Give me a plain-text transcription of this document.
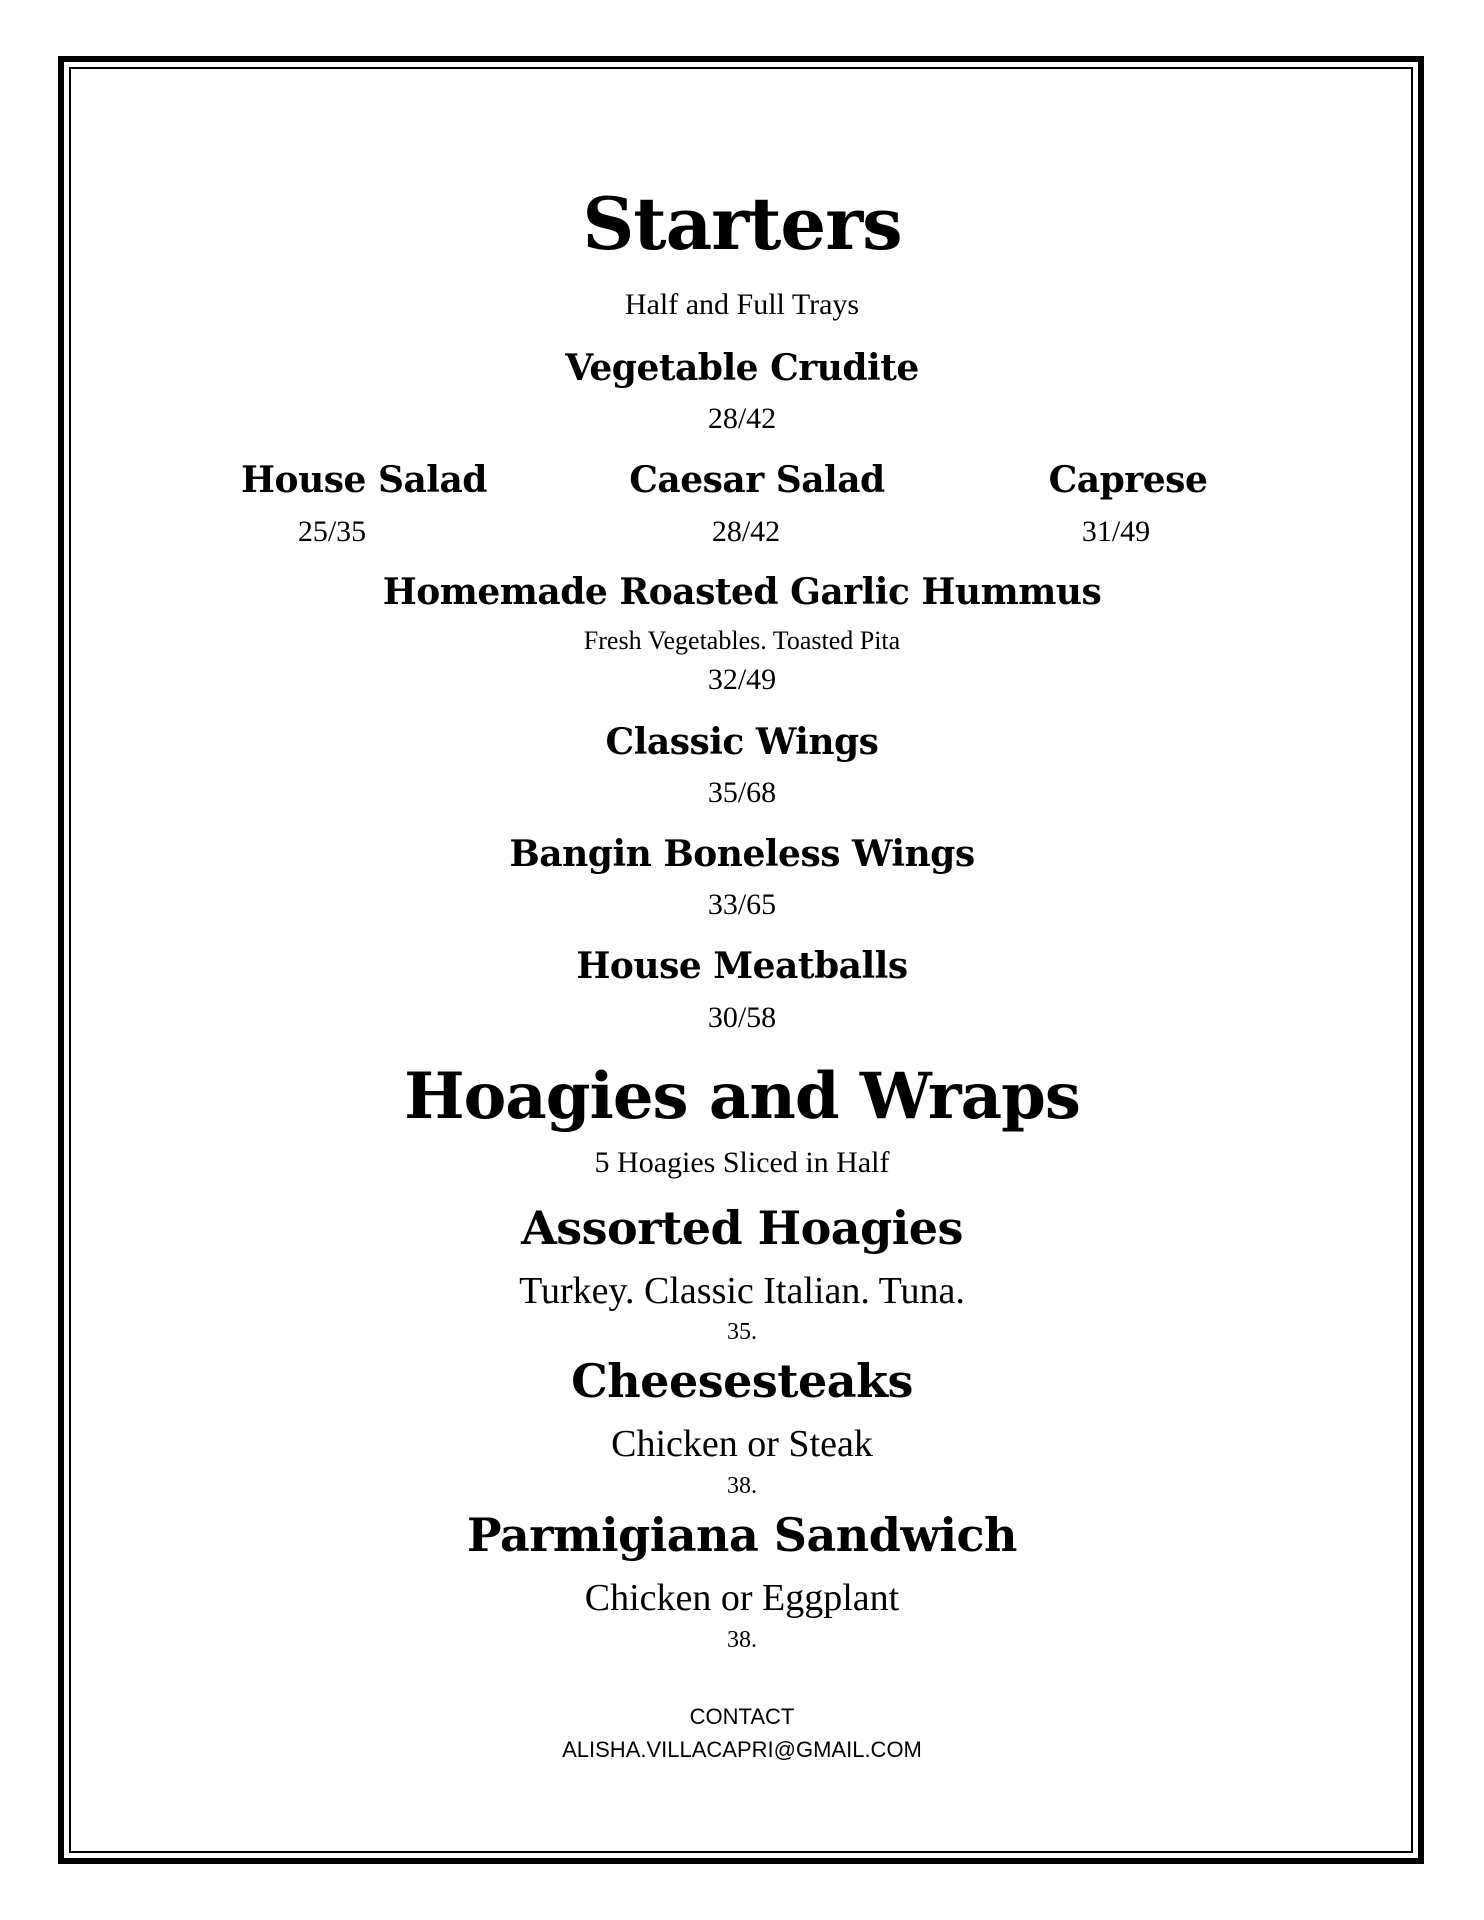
Starters
Half and Full Trays
Vegetable Crudite
28/42
House Salad
25/35
Caesar Salad
28/42
Caprese
31/49
Homemade Roasted Garlic Hummus
Fresh Vegetables. Toasted Pita
32/49
Classic Wings
35/68
Bangin Boneless Wings
33/65
House Meatballs
30/58
Hoagies and Wraps
5 Hoagies Sliced in Half
Assorted Hoagies
Turkey. Classic Italian. Tuna.
35.
Cheesesteaks
Chicken or Steak
38.
Parmigiana Sandwich
Chicken or Eggplant
38.
CONTACT
ALISHA.VILLACAPRI@GMAIL.COM
